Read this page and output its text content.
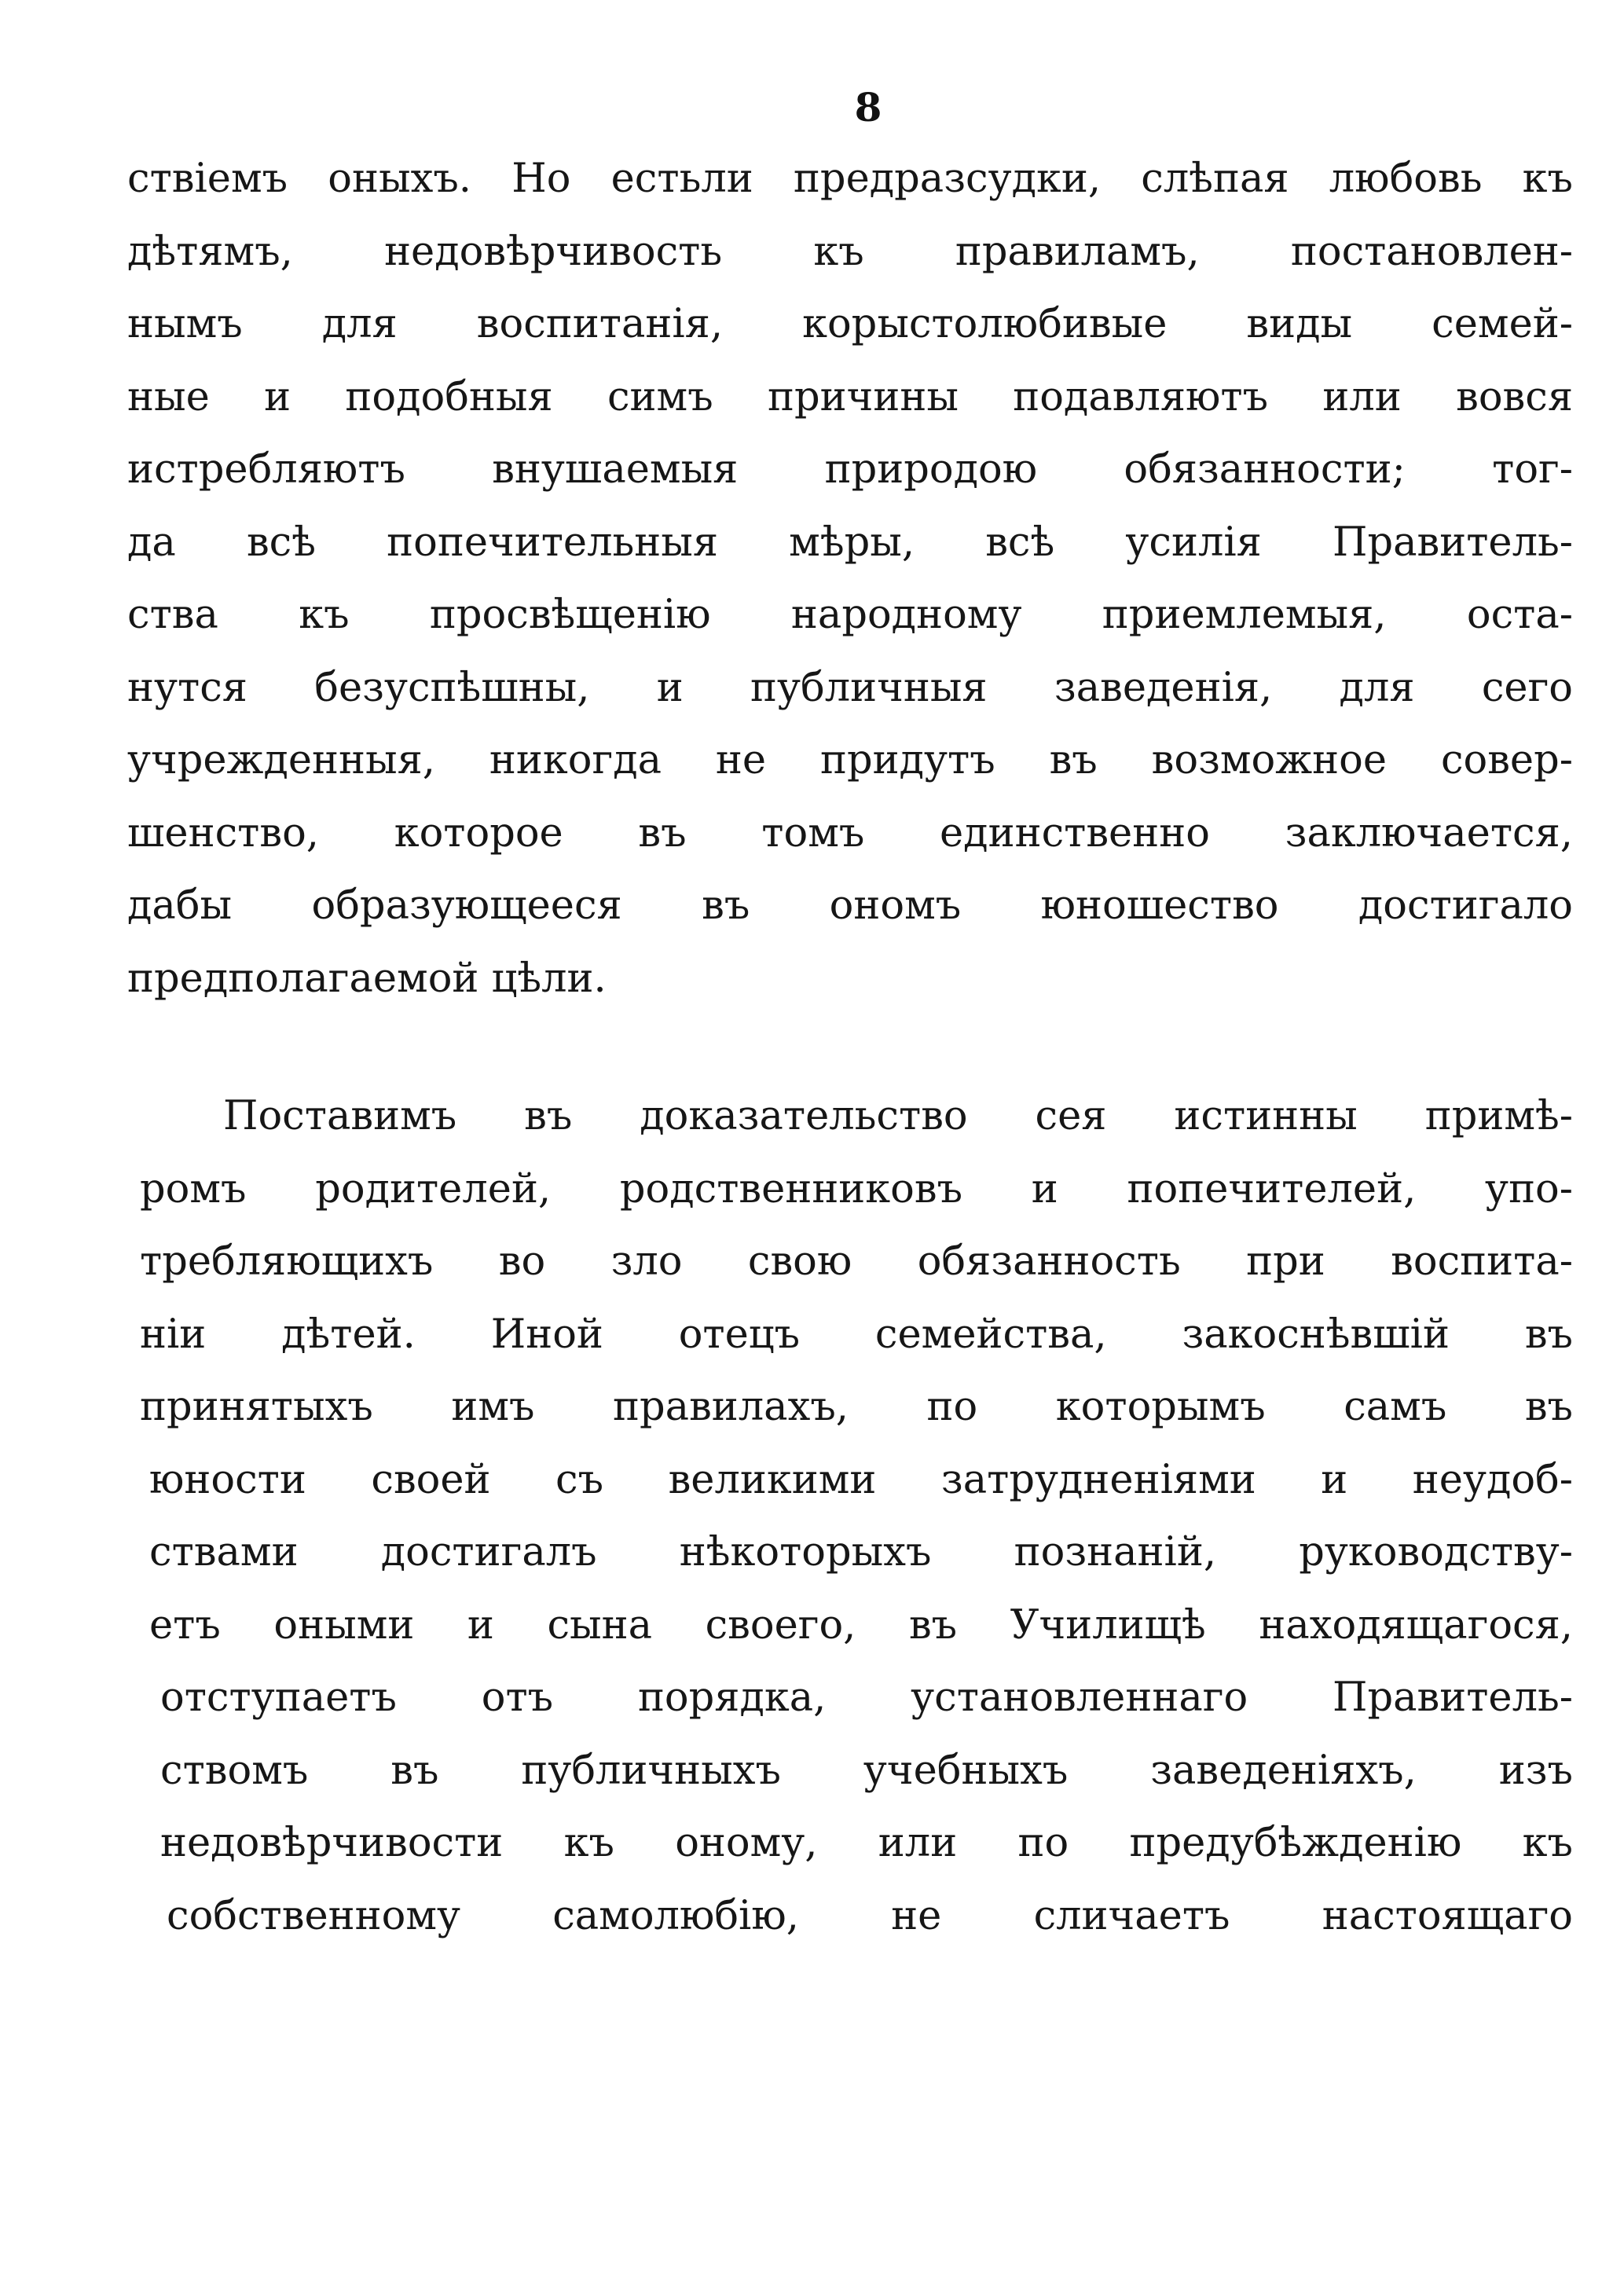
8
ствіемъ оныхъ. Но естьли предразсудки, слѣпая любовь къ
дѣтямъ, недовѣрчивость къ правиламъ, постановлен-
нымъ для воспитанія, корыстолюбивые виды семей-
ные и подобныя симъ причины подавляютъ или вовся
истребляютъ внушаемыя природою обязанности; тог-
да всѣ попечительныя мѣры, всѣ усилія Правитель-
ства къ просвѣщенію народному приемлемыя, оста-
нутся безуспѣшны, и публичныя заведенія, для сего
учрежденныя, никогда не придутъ въ возможное совер-
шенство, которое въ томъ единственно заключается,
дабы образующееся въ ономъ юношество достигало
предполагаемой цѣли.
Поставимъ въ доказательство сея истинны примѣ-
ромъ родителей, родственниковъ и попечителей, упо-
требляющихъ во зло свою обязанность при воспита-
ніи дѣтей. Иной отецъ семейства, закоснѣвшій въ
принятыхъ имъ правилахъ, по которымъ самъ въ
юности своей съ великими затрудненіями и неудоб-
ствами достигалъ нѣкоторыхъ познаній, руководству-
етъ оными и сына своего, въ Училищѣ находящагося,
отступаетъ отъ порядка, установленнаго Правитель-
ствомъ въ публичныхъ учебныхъ заведеніяхъ, изъ
недовѣрчивости къ оному, или по предубѣжденію къ
собственному самолюбію, не сличаетъ настоящаго
